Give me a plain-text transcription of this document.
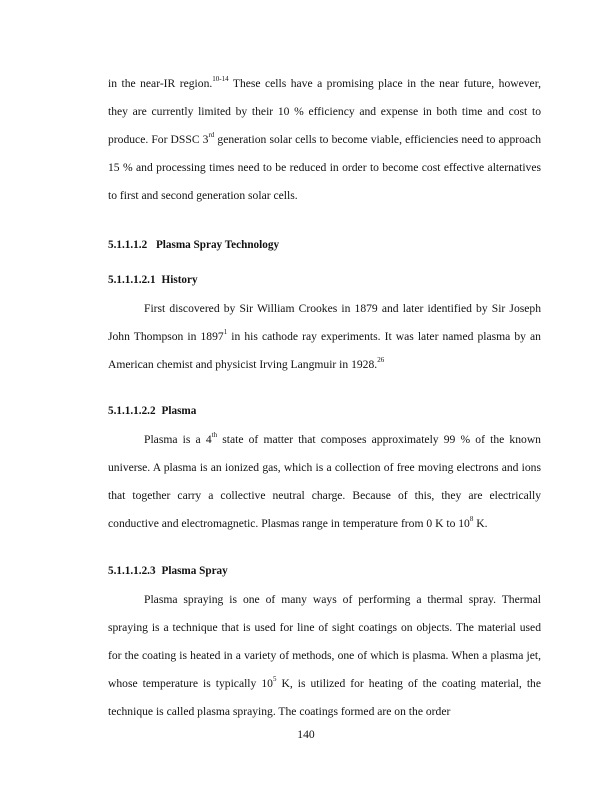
in the near-IR region.$^{10-14}$ These cells have a promising place in the near future, however, they are currently limited by their 10 % efficiency and expense in both time and cost to produce. For DSSC 3rd generation solar cells to become viable, efficiencies need to approach 15 % and processing times need to be reduced in order to become cost effective alternatives to first and second generation solar cells.

5.1.1.1.2 Plasma Spray Technology
5.1.1.1.2.1 History

First discovered by Sir William Crookes in 1879 and later identified by Sir Joseph John Thompson in 1897$^1$ in his cathode ray experiments. It was later named plasma by an American chemist and physicist Irving Langmuir in 1928.26

5.1.1.1.2.2 Plasma

Plasma is a 4th state of matter that composes approximately 99 % of the known universe. A plasma is an ionized gas, which is a collection of free moving electrons and ions that together carry a collective neutral charge. Because of this, they are electrically conductive and electromagnetic. Plasmas range in temperature from 0 K to $10^8$ K.

5.1.1.1.2.3 Plasma Spray

Plasma spraying is one of many ways of performing a thermal spray. Thermal spraying is a technique that is used for line of sight coatings on objects. The material used for the coating is heated in a variety of methods, one of which is plasma. When a plasma jet, whose temperature is typically $10^5$ K, is utilized for heating of the coating material, the technique is called plasma spraying. The coatings formed are on the order

140
